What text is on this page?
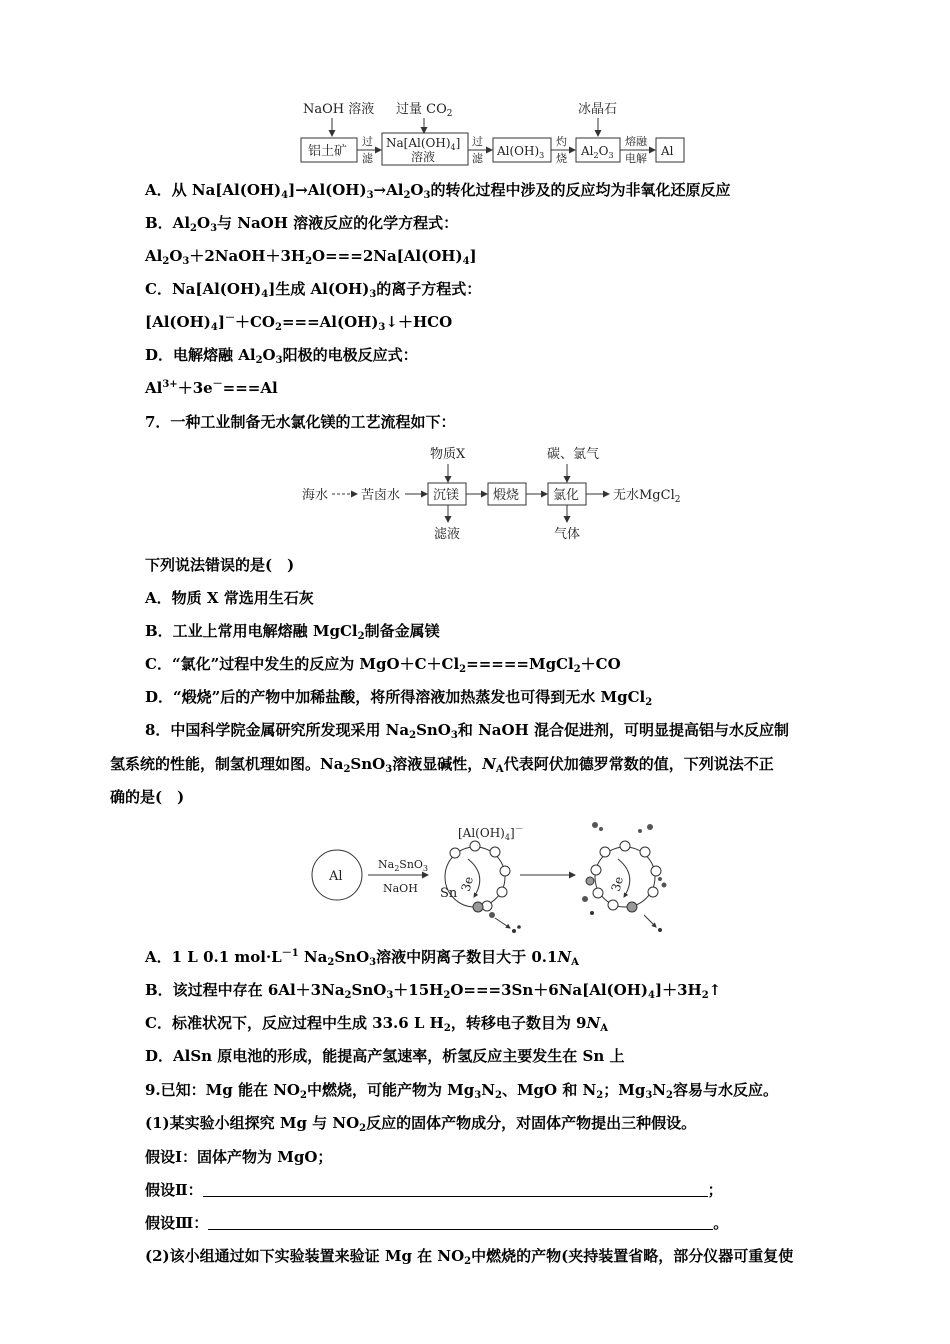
NaOH 溶液 过量 $CO_2$	冰晶石
铝土矿
过
滤
$Na[Al(OH)_4]$
溶液
过
滤
$Al(OH)_3$
灼
烧
$Al_2O_3$
熔融
电解
Al
A．从 $Na[Al(OH)_4]\to Al(OH)_3\to Al_2O_3$的转化过程中涉及的反应均为非氧化还原反应
B．$Al_2O_3$与 NaOH 溶液反应的化学方程式：
$Al_2O_3+2NaOH+3H_2O===2Na[Al(OH)_4]$
C．$Na[Al(OH)_4]$生成 $Al(OH)_3$的离子方程式：
$[Al(OH)_4]^-+CO_2===Al(OH)_3↓+HCO$
D．电解熔融 $Al_2O_3$阳极的电极反应式：
$Al^{3+}+3e^-===Al$
7．一种工业制备无水氯化镁的工艺流程如下：
物质X	碳、氯气
海水	苦卤水	沉镁	煅烧	氯化	无水MgCl$_2$
滤液	气体
下列说法错误的是(　)
A．物质 X 常选用生石灰
B．工业上常用电解熔融 MgCl$_2$制备金属镁
C．“氯化”过程中发生的反应为 $MgO+C+Cl_2=====MgCl_2+CO$
D．“煅烧”后的产物中加稀盐酸，将所得溶液加热蒸发也可得到无水 MgCl$_2$
8．中国科学院金属研究所发现采用 $Na_2SnO_3$和 NaOH 混合促进剂，可明显提高铝与水反应制
氢系统的性能，制氢机理如图。$Na_2SnO_3$溶液显碱性，$N_A$代表阿伏加德罗常数的值，下列说法不正
确的是(　)
Al
$Na_2SnO_3$
NaOH
$[Al(OH)_4]^-$
3e
Sn
3e
A．1 L 0.1 $mol\cdot L^{-1}$ $Na_2SnO_3$溶液中阴离子数目大于 $0.1N_A$
B．该过程中存在 $6Al+3Na_2SnO_3+15H_2O===3Sn+6Na[Al(OH)_4]+3H_2↑$
C．标准状况下，反应过程中生成 33.6 L $H_2$，转移电子数目为 $9N_A$
D．AlSn 原电池的形成，能提高产氢速率，析氢反应主要发生在 Sn 上
9.已知：Mg 能在 $NO_2$中燃烧，可能产物为 $Mg_3N_2$、MgO 和 $N_2$；$Mg_3N_2$容易与水反应。
(1)某实验小组探究 Mg 与 $NO_2$反应的固体产物成分，对固体产物提出三种假设。
假设Ⅰ：固体产物为 MgO；
假设Ⅱ：	；
假设Ⅲ：	。
(2)该小组通过如下实验装置来验证 Mg 在 $NO_2$中燃烧的产物(夹持装置省略，部分仪器可重复使
